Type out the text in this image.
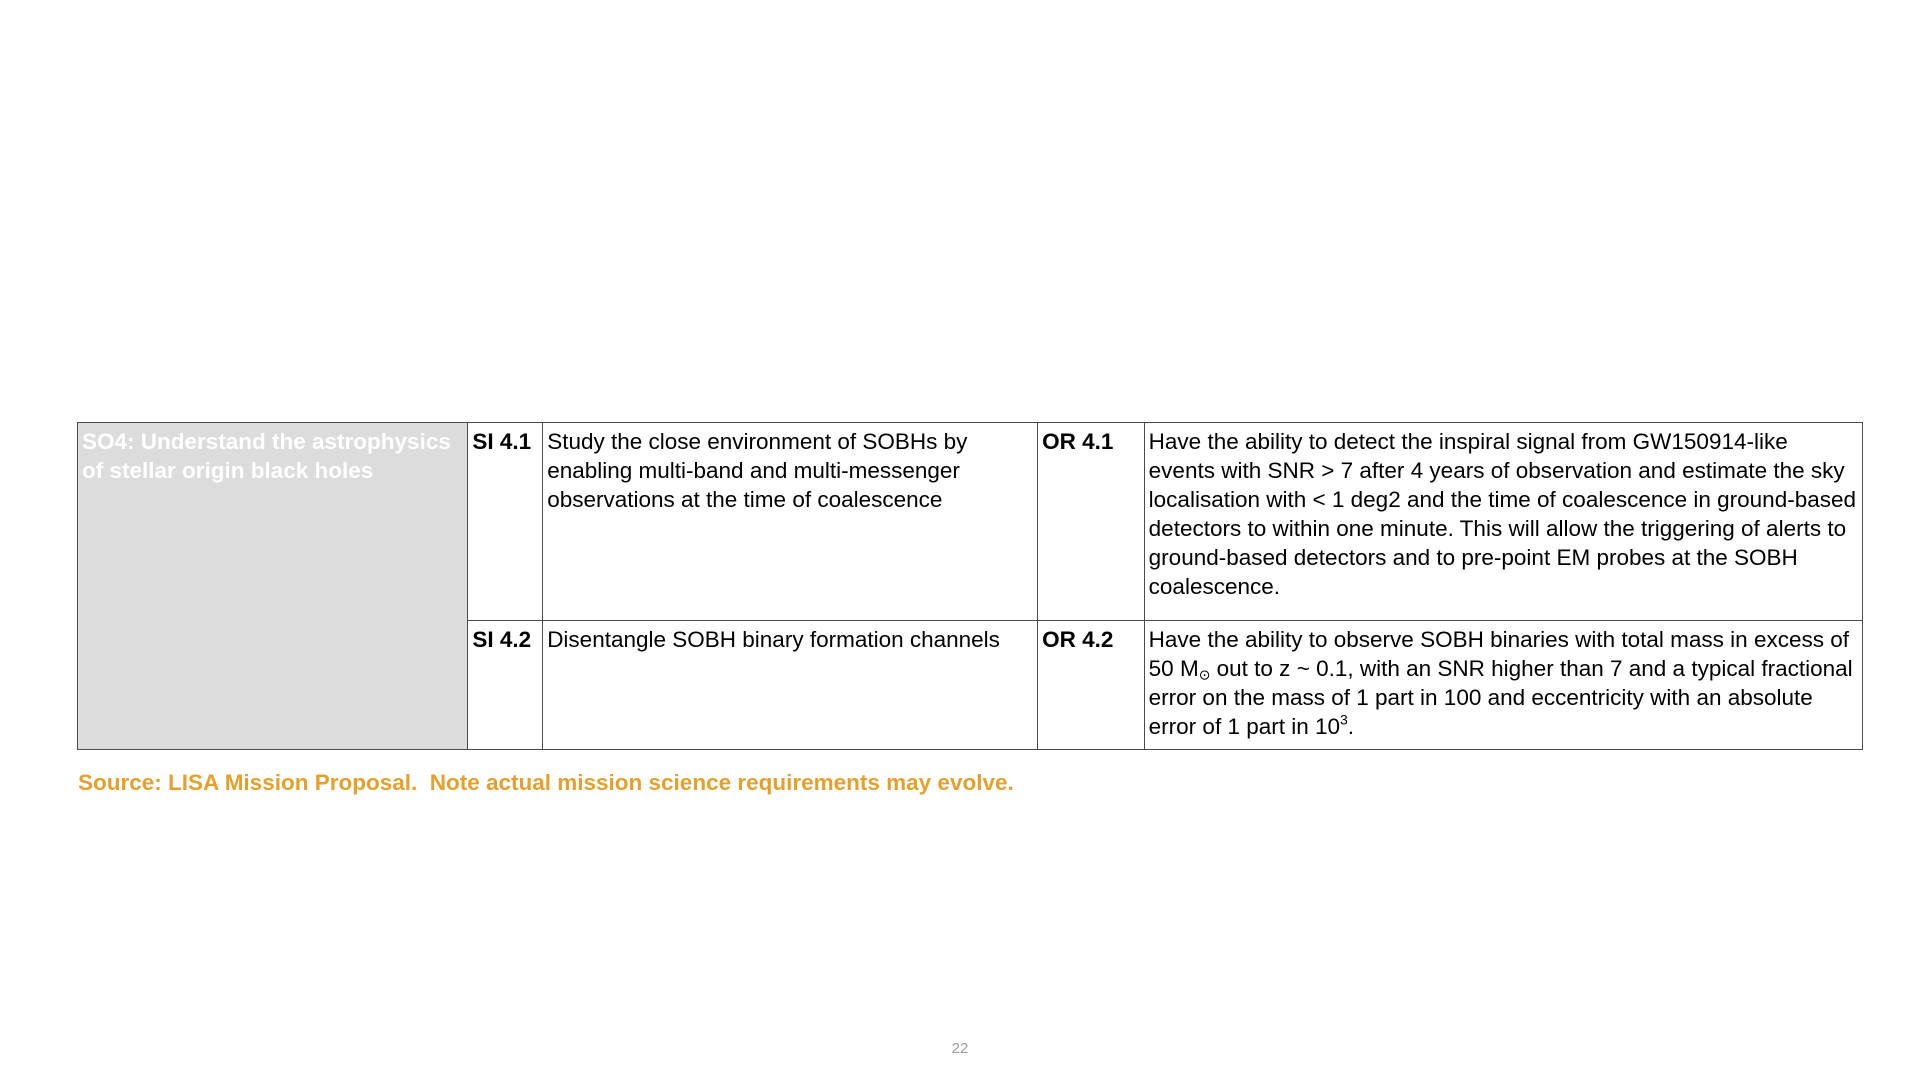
SO4: Understand the astrophysics of stellar origin black holes	SI 4.1	Study the close environment of SOBHs by enabling multi-band and multi-messenger observations at the time of coalescence	OR 4.1	Have the ability to detect the inspiral signal from GW150914-like events with SNR > 7 after 4 years of observation and estimate the sky localisation with < 1 deg2 and the time of coalescence in ground-based detectors to within one minute. This will allow the triggering of alerts to ground-based detectors and to pre-point EM probes at the SOBH coalescence.
	SI 4.2	Disentangle SOBH binary formation channels	OR 4.2	Have the ability to observe SOBH binaries with total mass in excess of 50 $M_⊙$ out to z ~ 0.1, with an SNR higher than 7 and a typical fractional error on the mass of 1 part in 100 and eccentricity with an absolute error of 1 part in $10^3$.
Source: LISA Mission Proposal.  Note actual mission science requirements may evolve.
22
